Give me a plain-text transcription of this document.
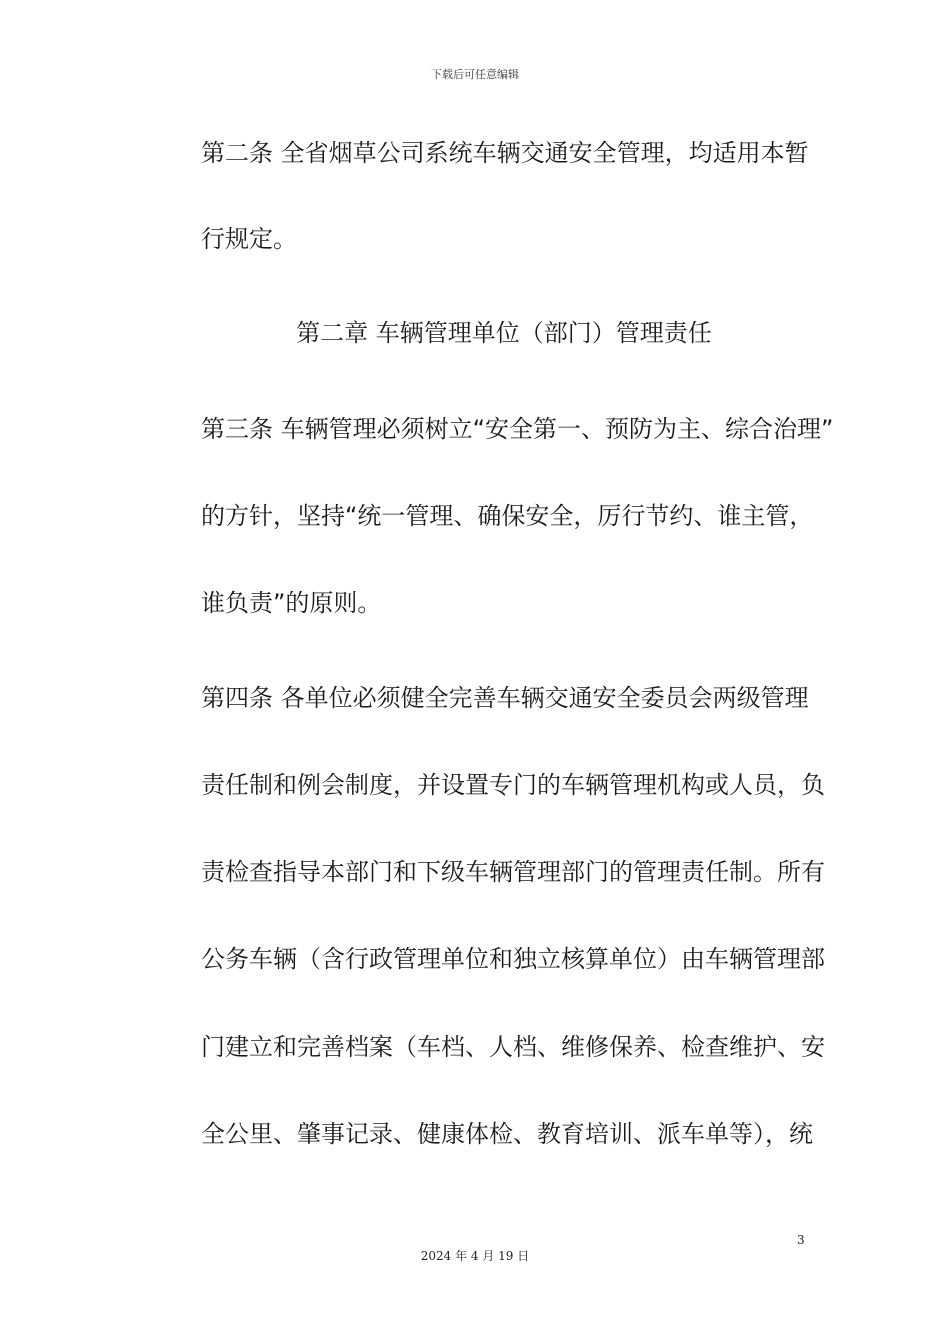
下载后可任意编辑
第二条 全省烟草公司系统车辆交通安全管理，均适用本暂
行规定。
第二章 车辆管理单位（部门）管理责任
第三条 车辆管理必须树立“安全第一、预防为主、综合治理”
的方针，坚持“统一管理、确保安全，厉行节约、谁主管，
谁负责”的原则。
第四条 各单位必须健全完善车辆交通安全委员会两级管理
责任制和例会制度，并设置专门的车辆管理机构或人员，负
责检查指导本部门和下级车辆管理部门的管理责任制。所有
公务车辆（含行政管理单位和独立核算单位）由车辆管理部
门建立和完善档案（车档、人档、维修保养、检查维护、安
全公里、肇事记录、健康体检、教育培训、派车单等），统
3
2024 年 4 月 19 日
